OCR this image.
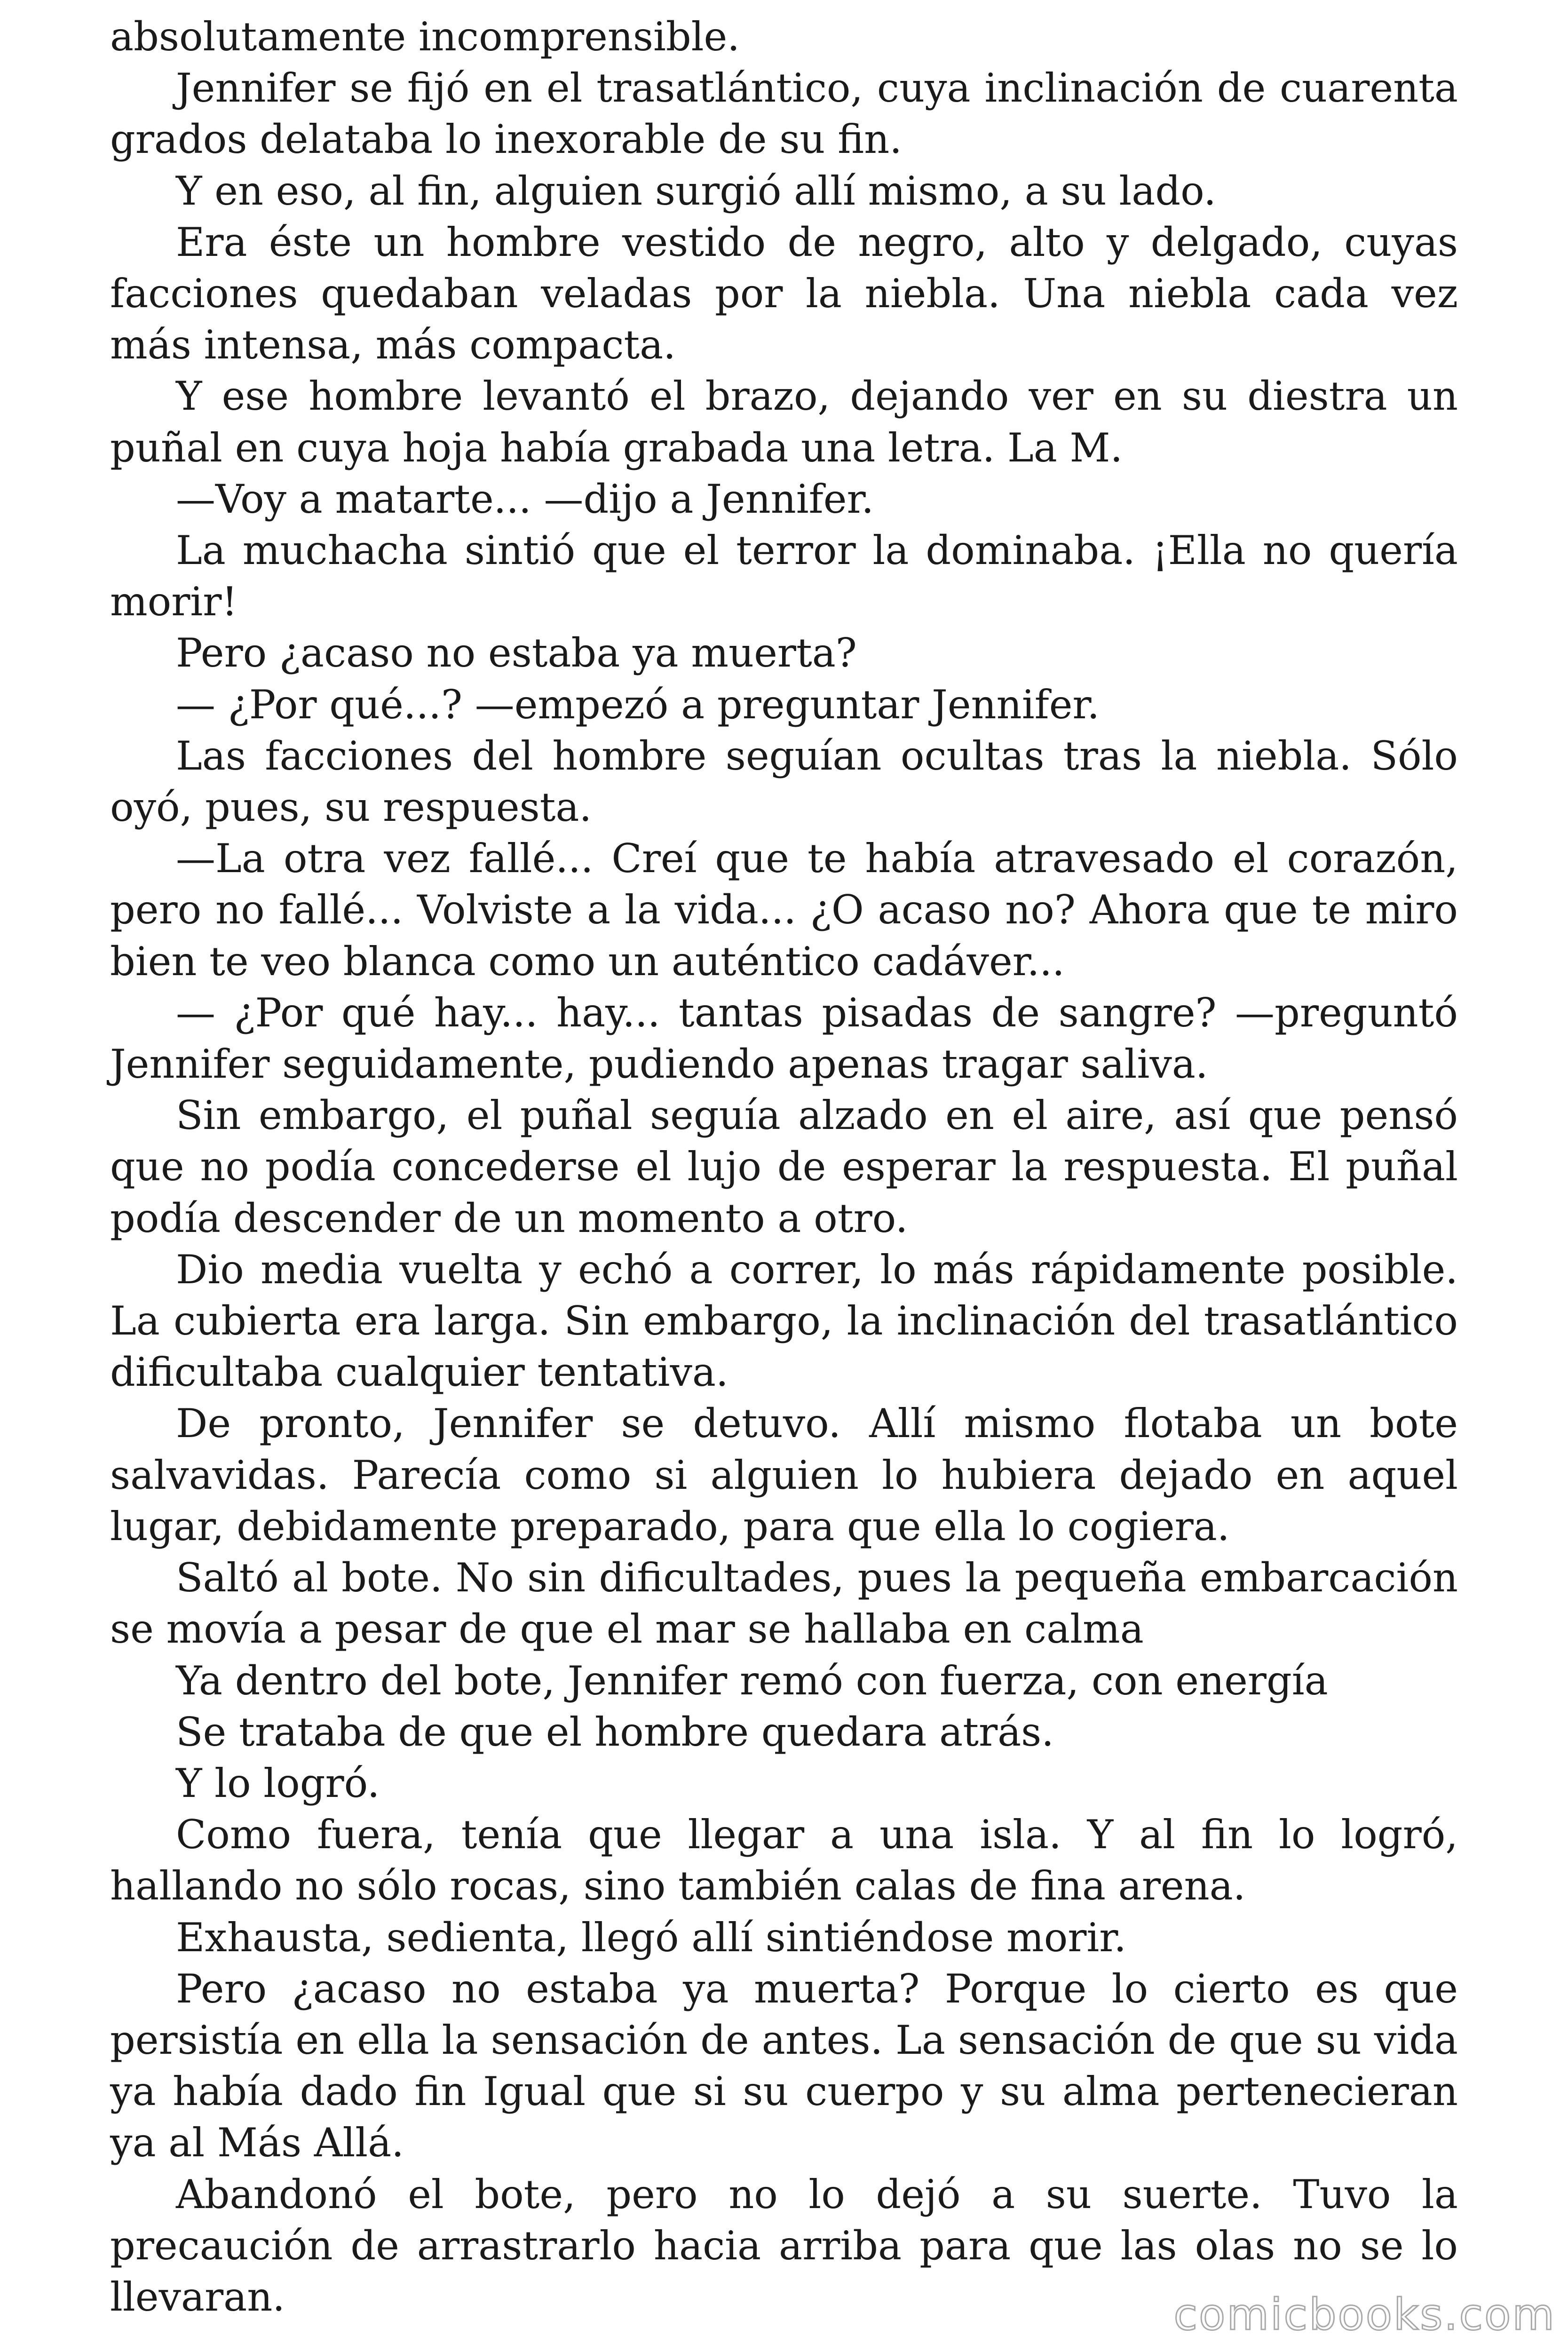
absolutamente incomprensible.

Jennifer se fijó en el trasatlántico, cuya inclinación de cuarenta grados delataba lo inexorable de su fin.

Y en eso, al fin, alguien surgió allí mismo, a su lado.

Era éste un hombre vestido de negro, alto y delgado, cuyas facciones quedaban veladas por la niebla. Una niebla cada vez más intensa, más compacta.

Y ese hombre levantó el brazo, dejando ver en su diestra un puñal en cuya hoja había grabada una letra. La M.

—Voy a matarte... —dijo a Jennifer.

La muchacha sintió que el terror la dominaba. ¡Ella no quería morir!

Pero ¿acaso no estaba ya muerta?

— ¿Por qué...? —empezó a preguntar Jennifer.

Las facciones del hombre seguían ocultas tras la niebla. Sólo oyó, pues, su respuesta.

—La otra vez fallé... Creí que te había atravesado el corazón, pero no fallé... Volviste a la vida... ¿O acaso no? Ahora que te miro bien te veo blanca como un auténtico cadáver...

— ¿Por qué hay... hay... tantas pisadas de sangre? —preguntó Jennifer seguidamente, pudiendo apenas tragar saliva.

Sin embargo, el puñal seguía alzado en el aire, así que pensó que no podía concederse el lujo de esperar la respuesta. El puñal podía descender de un momento a otro.

Dio media vuelta y echó a correr, lo más rápidamente posible. La cubierta era larga. Sin embargo, la inclinación del trasatlántico dificultaba cualquier tentativa.

De pronto, Jennifer se detuvo. Allí mismo flotaba un bote salvavidas. Parecía como si alguien lo hubiera dejado en aquel lugar, debidamente preparado, para que ella lo cogiera.

Saltó al bote. No sin dificultades, pues la pequeña embarcación se movía a pesar de que el mar se hallaba en calma

Ya dentro del bote, Jennifer remó con fuerza, con energía

Se trataba de que el hombre quedara atrás.

Y lo logró.

Como fuera, tenía que llegar a una isla. Y al fin lo logró, hallando no sólo rocas, sino también calas de fina arena.

Exhausta, sedienta, llegó allí sintiéndose morir.

Pero ¿acaso no estaba ya muerta? Porque lo cierto es que persistía en ella la sensación de antes. La sensación de que su vida ya había dado fin Igual que si su cuerpo y su alma pertenecieran ya al Más Allá.

Abandonó el bote, pero no lo dejó a su suerte. Tuvo la precaución de arrastrarlo hacia arriba para que las olas no se lo llevaran.	comicbooks.com
